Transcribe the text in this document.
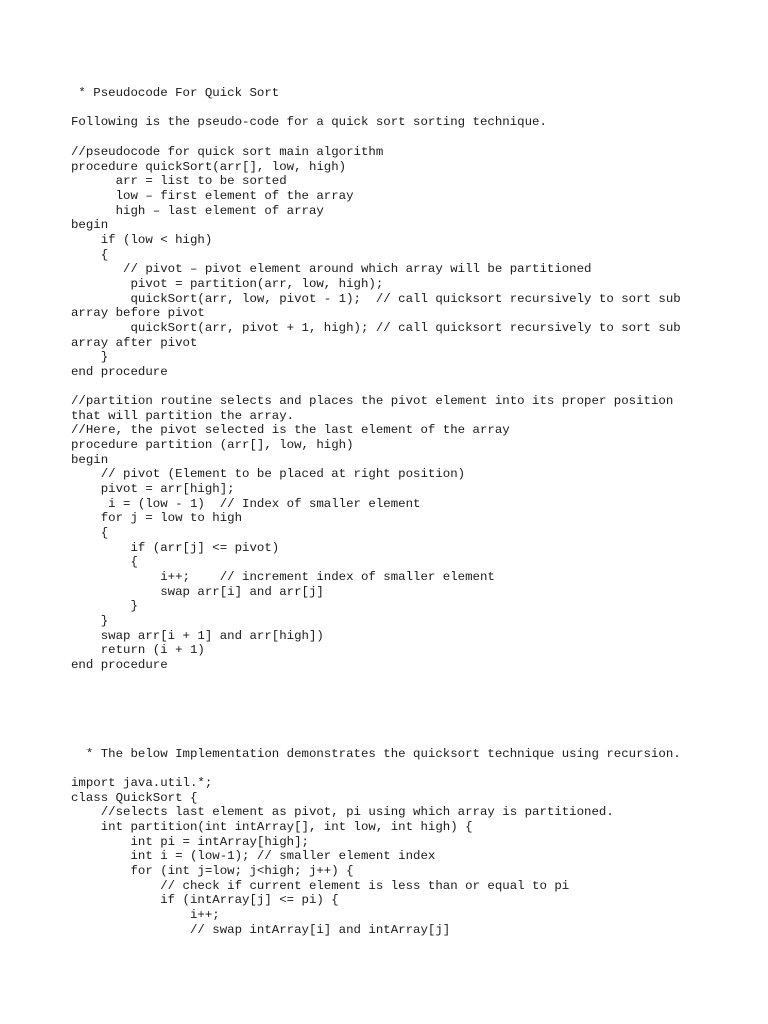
* Pseudocode For Quick Sort

Following is the pseudo-code for a quick sort sorting technique.

//pseudocode for quick sort main algorithm

procedure quickSort(arr[], low, high)

arr = list to be sorted

low – first element of the array

high – last element of array

begin

if (low < high)

{

// pivot – pivot element around which array will be partitioned

pivot = partition(arr, low, high);

quickSort(arr, low, pivot - 1);  // call quicksort recursively to sort sub

array before pivot

quickSort(arr, pivot + 1, high); // call quicksort recursively to sort sub

array after pivot

}

end procedure

//partition routine selects and places the pivot element into its proper position

that will partition the array.

//Here, the pivot selected is the last element of the array

procedure partition (arr[], low, high)

begin

// pivot (Element to be placed at right position)

pivot = arr[high];

i = (low - 1)  // Index of smaller element

for j = low to high

{

if (arr[j] <= pivot)

{

i++;    // increment index of smaller element

swap arr[i] and arr[j]

}

}

swap arr[i + 1] and arr[high])

return (i + 1)

end procedure

* The below Implementation demonstrates the quicksort technique using recursion.

import java.util.*;

class QuickSort {

//selects last element as pivot, pi using which array is partitioned.

int partition(int intArray[], int low, int high) {

int pi = intArray[high];

int i = (low-1); // smaller element index

for (int j=low; j<high; j++) {

// check if current element is less than or equal to pi

if (intArray[j] <= pi) {

i++;

// swap intArray[i] and intArray[j]
